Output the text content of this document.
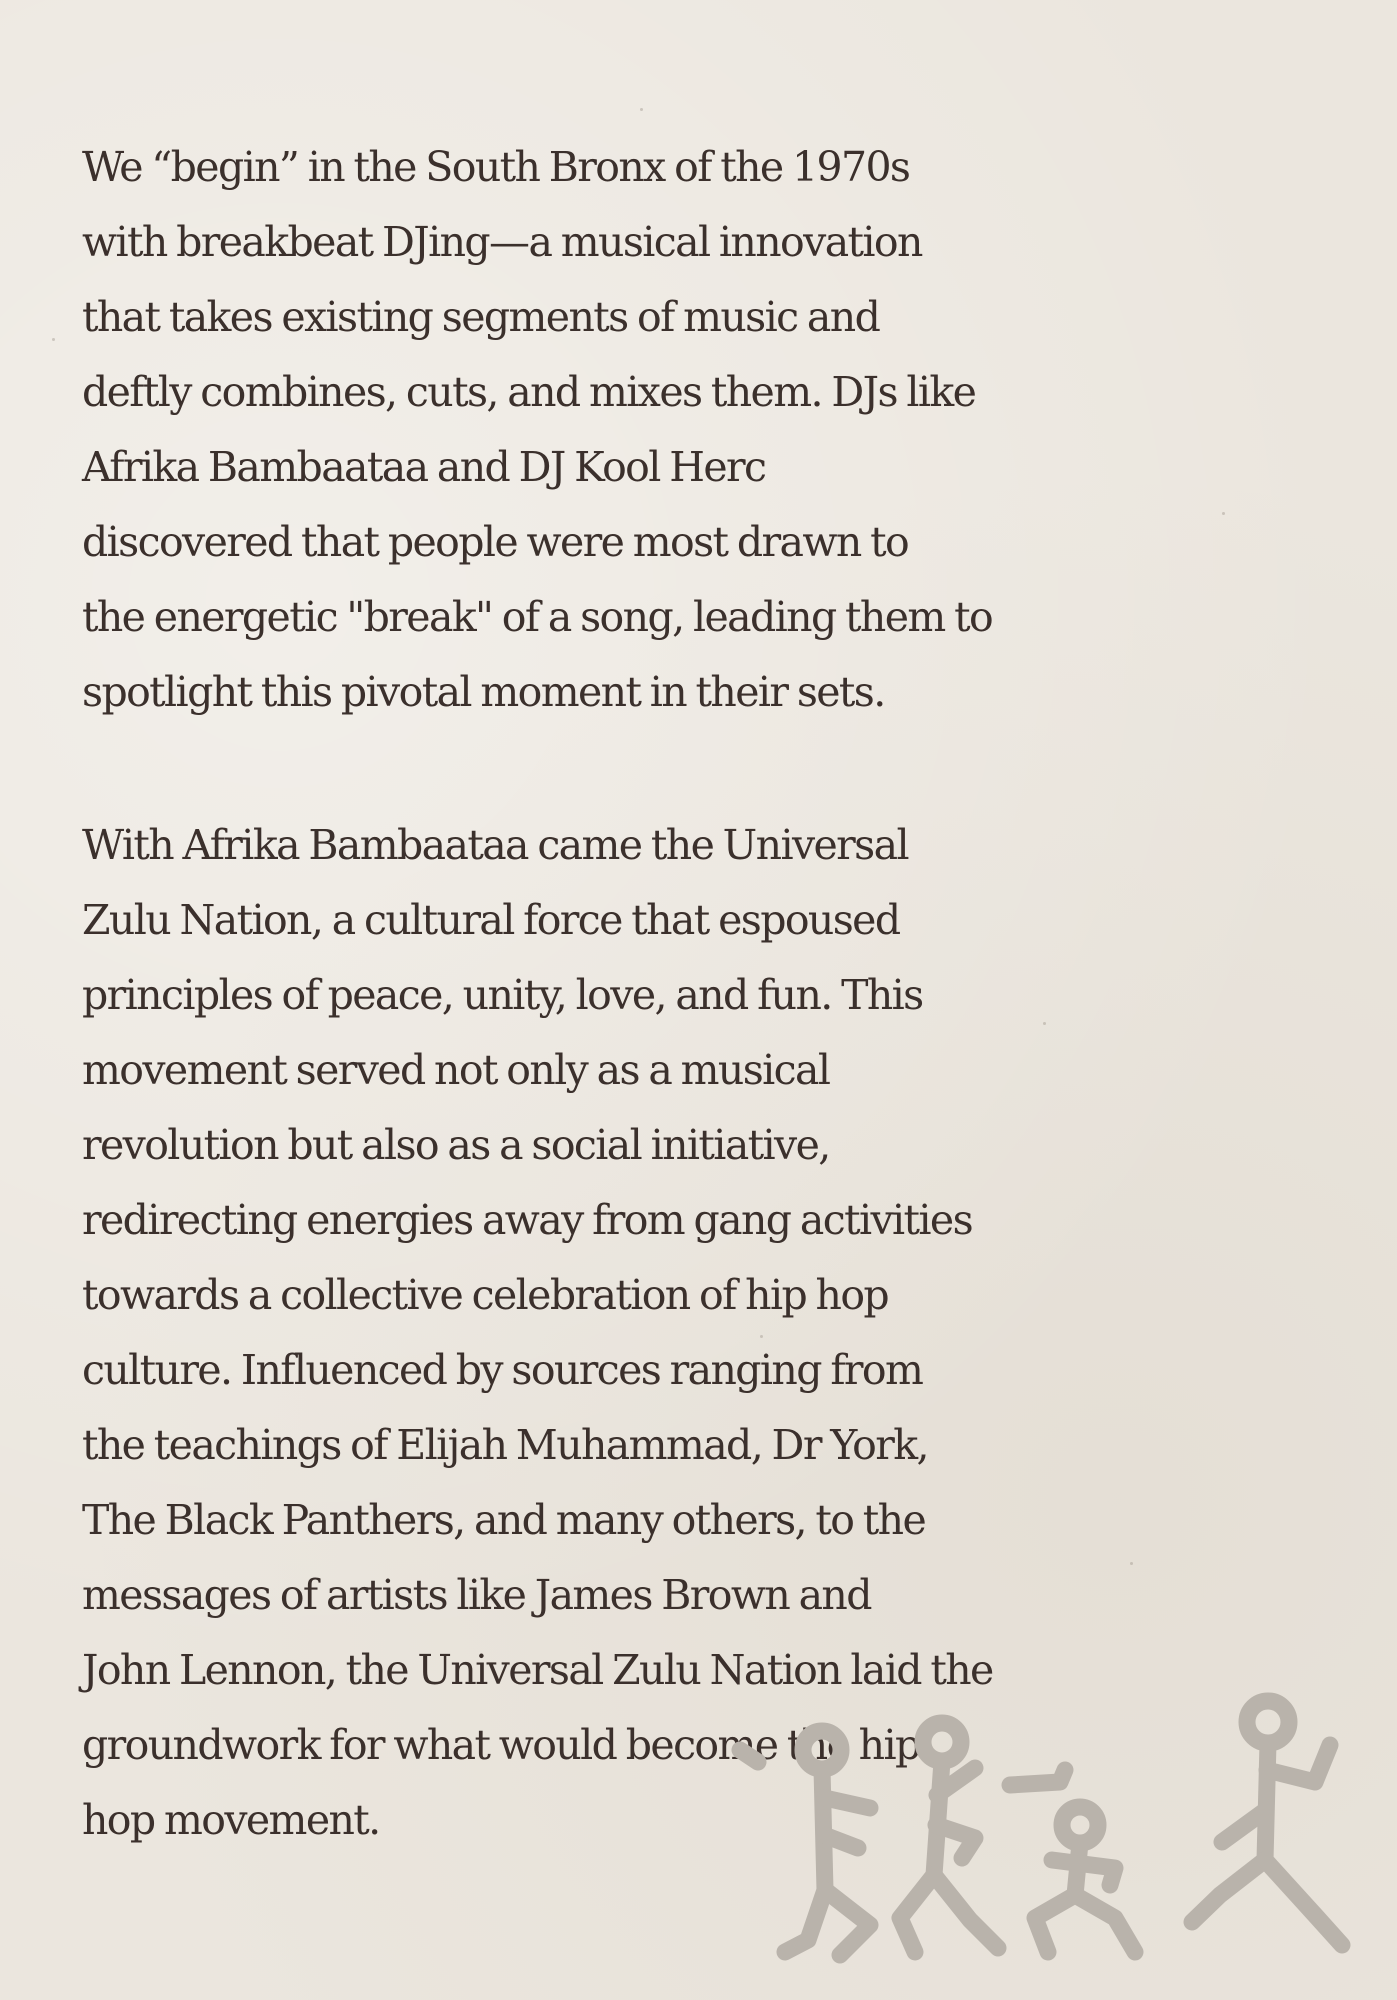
We “begin” in the South Bronx of the 1970s
with breakbeat DJing—a musical innovation
that takes existing segments of music and
deftly combines, cuts, and mixes them. DJs like
Afrika Bambaataa and DJ Kool Herc
discovered that people were most drawn to
the energetic "break" of a song, leading them to
spotlight this pivotal moment in their sets.

With Afrika Bambaataa came the Universal
Zulu Nation, a cultural force that espoused
principles of peace, unity, love, and fun. This
movement served not only as a musical
revolution but also as a social initiative,
redirecting energies away from gang activities
towards a collective celebration of hip hop
culture. Influenced by sources ranging from
the teachings of Elijah Muhammad, Dr York,
The Black Panthers, and many others, to the
messages of artists like James Brown and
John Lennon, the Universal Zulu Nation laid the
groundwork for what would become the hip
hop movement.
